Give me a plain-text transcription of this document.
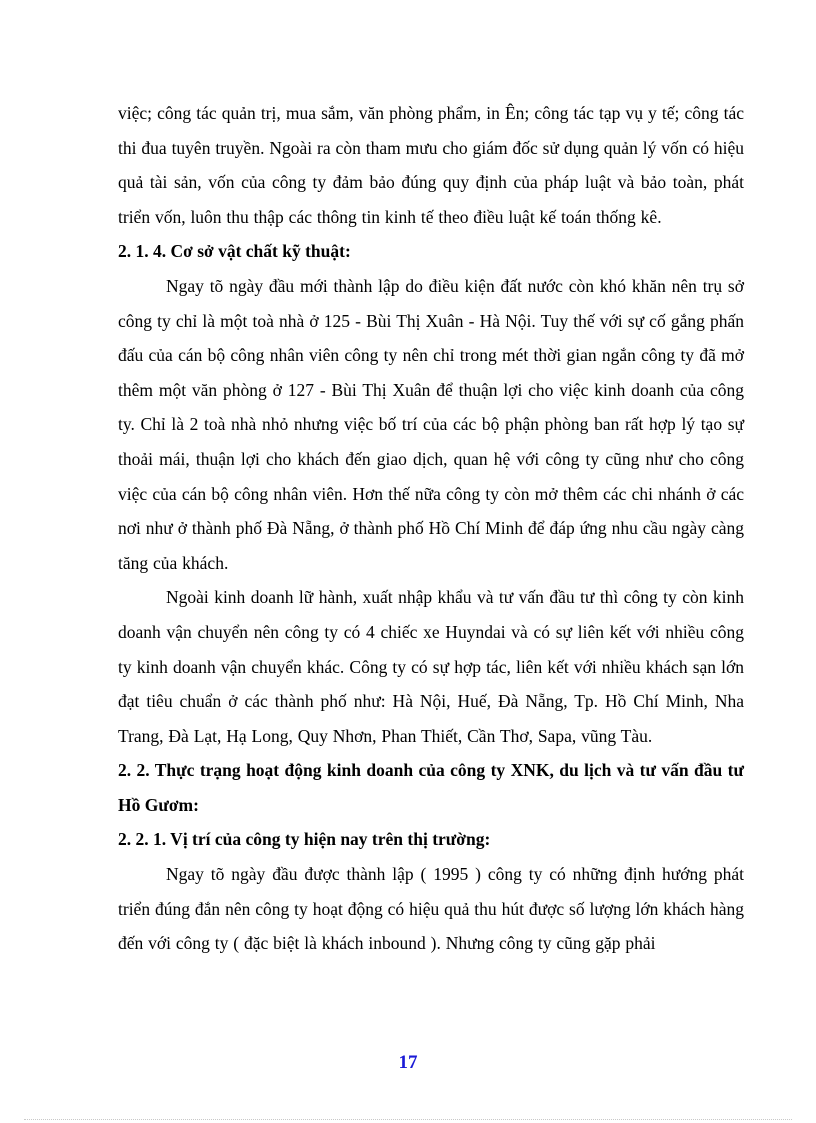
việc; công tác quản trị, mua sắm, văn phòng phẩm, in Ên; công tác tạp vụ y tế; công tác thi đua tuyên truyền. Ngoài ra còn tham mưu cho giám đốc sử dụng quản lý vốn có hiệu quả tài sản, vốn của công ty đảm bảo đúng quy định của pháp luật và bảo toàn, phát triển vốn, luôn thu thập các thông tin kinh tế theo điều luật kế toán thống kê.

2. 1. 4. Cơ sở vật chất kỹ thuật:

Ngay tõ ngày đầu mới thành lập do điều kiện đất nước còn khó khăn nên trụ sở công ty chỉ là một toà nhà ở 125 - Bùi Thị Xuân - Hà Nội. Tuy thế với sự cố gắng phấn đấu của cán bộ công nhân viên công ty nên chỉ trong mét thời gian ngắn công ty đã mở thêm một văn phòng ở 127 - Bùi Thị Xuân để thuận lợi cho việc kinh doanh của công ty. Chỉ là 2 toà nhà nhỏ nhưng việc bố trí của các bộ phận phòng ban rất hợp lý tạo sự thoải mái, thuận lợi cho khách đến giao dịch, quan hệ với công ty cũng như cho công việc của cán bộ công nhân viên. Hơn thế nữa công ty còn mở thêm các chi nhánh ở các nơi như ở thành phố Đà Nẵng, ở thành phố Hồ Chí Minh để đáp ứng nhu cầu ngày càng tăng của khách.

Ngoài kinh doanh lữ hành, xuất nhập khẩu và tư vấn đầu tư thì công ty còn kinh doanh vận chuyển nên công ty có 4 chiếc xe Huyndai và có sự liên kết với nhiều công ty kinh doanh vận chuyển khác. Công ty có sự hợp tác, liên kết với nhiều khách sạn lớn đạt tiêu chuẩn ở các thành phố như: Hà Nội, Huế, Đà Nẵng, Tp. Hồ Chí Minh, Nha Trang, Đà Lạt, Hạ Long, Quy Nhơn, Phan Thiết, Cần Thơ, Sapa, vũng Tàu.

2. 2. Thực trạng hoạt động kinh doanh của công ty XNK, du lịch và tư vấn đầu tư Hồ Gươm:

2. 2. 1. Vị trí của công ty hiện nay trên thị trường:

Ngay tõ ngày đầu được thành lập ( 1995 ) công ty có những định hướng phát triển đúng đắn nên công ty hoạt động có hiệu quả thu hút được số lượng lớn khách hàng đến với công ty ( đặc biệt là khách inbound ). Nhưng công ty cũng gặp phải

17
